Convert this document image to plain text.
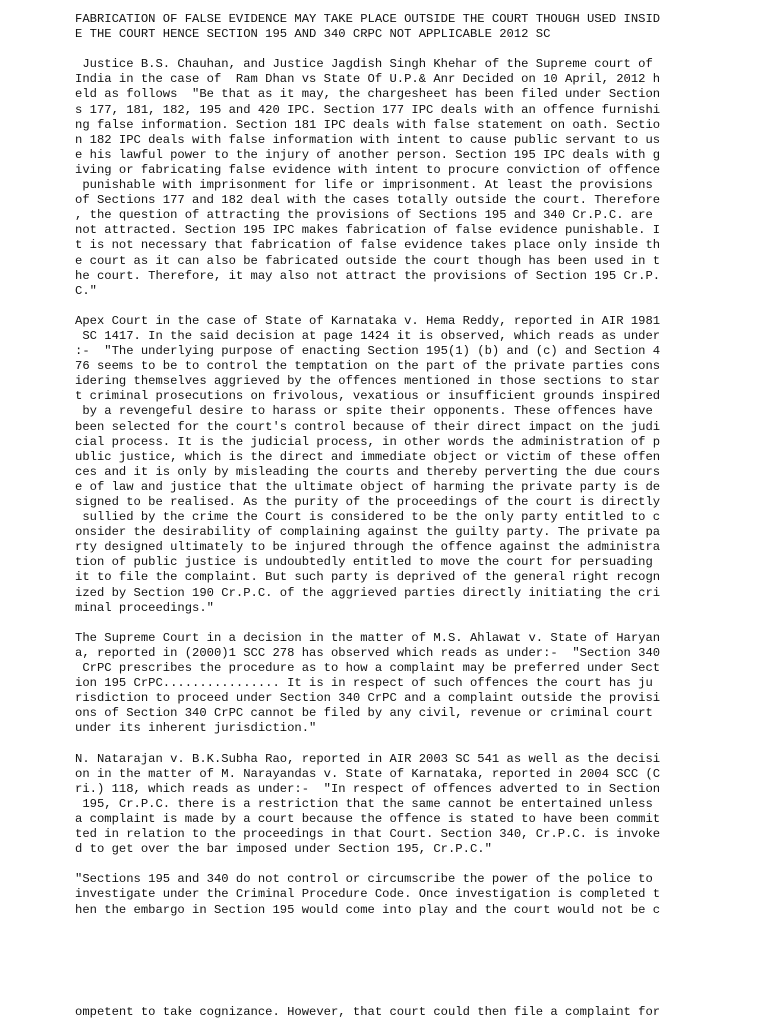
FABRICATION OF FALSE EVIDENCE MAY TAKE PLACE OUTSIDE THE COURT THOUGH USED INSID
E THE COURT HENCE SECTION 195 AND 340 CRPC NOT APPLICABLE 2012 SC
Justice B.S. Chauhan, and Justice Jagdish Singh Khehar of the Supreme court of
India in the case of  Ram Dhan vs State Of U.P.& Anr Decided on 10 April, 2012 h
eld as follows  "Be that as it may, the chargesheet has been filed under Section
s 177, 181, 182, 195 and 420 IPC. Section 177 IPC deals with an offence furnishi
ng false information. Section 181 IPC deals with false statement on oath. Sectio
n 182 IPC deals with false information with intent to cause public servant to us
e his lawful power to the injury of another person. Section 195 IPC deals with g
iving or fabricating false evidence with intent to procure conviction of offence
punishable with imprisonment for life or imprisonment. At least the provisions
of Sections 177 and 182 deal with the cases totally outside the court. Therefore
, the question of attracting the provisions of Sections 195 and 340 Cr.P.C. are
not attracted. Section 195 IPC makes fabrication of false evidence punishable. I
t is not necessary that fabrication of false evidence takes place only inside th
e court as it can also be fabricated outside the court though has been used in t
he court. Therefore, it may also not attract the provisions of Section 195 Cr.P.
C."
Apex Court in the case of State of Karnataka v. Hema Reddy, reported in AIR 1981
SC 1417. In the said decision at page 1424 it is observed, which reads as under
:-  "The underlying purpose of enacting Section 195(1) (b) and (c) and Section 4
76 seems to be to control the temptation on the part of the private parties cons
idering themselves aggrieved by the offences mentioned in those sections to star
t criminal prosecutions on frivolous, vexatious or insufficient grounds inspired
by a revengeful desire to harass or spite their opponents. These offences have
been selected for the court's control because of their direct impact on the judi
cial process. It is the judicial process, in other words the administration of p
ublic justice, which is the direct and immediate object or victim of these offen
ces and it is only by misleading the courts and thereby perverting the due cours
e of law and justice that the ultimate object of harming the private party is de
signed to be realised. As the purity of the proceedings of the court is directly
sullied by the crime the Court is considered to be the only party entitled to c
onsider the desirability of complaining against the guilty party. The private pa
rty designed ultimately to be injured through the offence against the administra
tion of public justice is undoubtedly entitled to move the court for persuading
it to file the complaint. But such party is deprived of the general right recogn
ized by Section 190 Cr.P.C. of the aggrieved parties directly initiating the cri
minal proceedings."
The Supreme Court in a decision in the matter of M.S. Ahlawat v. State of Haryan
a, reported in (2000)1 SCC 278 has observed which reads as under:-  "Section 340
CrPC prescribes the procedure as to how a complaint may be preferred under Sect
ion 195 CrPC................ It is in respect of such offences the court has ju
risdiction to proceed under Section 340 CrPC and a complaint outside the provisi
ons of Section 340 CrPC cannot be filed by any civil, revenue or criminal court
under its inherent jurisdiction."
N. Natarajan v. B.K.Subha Rao, reported in AIR 2003 SC 541 as well as the decisi
on in the matter of M. Narayandas v. State of Karnataka, reported in 2004 SCC (C
ri.) 118, which reads as under:-  "In respect of offences adverted to in Section
195, Cr.P.C. there is a restriction that the same cannot be entertained unless
a complaint is made by a court because the offence is stated to have been commit
ted in relation to the proceedings in that Court. Section 340, Cr.P.C. is invoke
d to get over the bar imposed under Section 195, Cr.P.C."
"Sections 195 and 340 do not control or circumscribe the power of the police to
investigate under the Criminal Procedure Code. Once investigation is completed t
hen the embargo in Section 195 would come into play and the court would not be c
ompetent to take cognizance. However, that court could then file a complaint for
